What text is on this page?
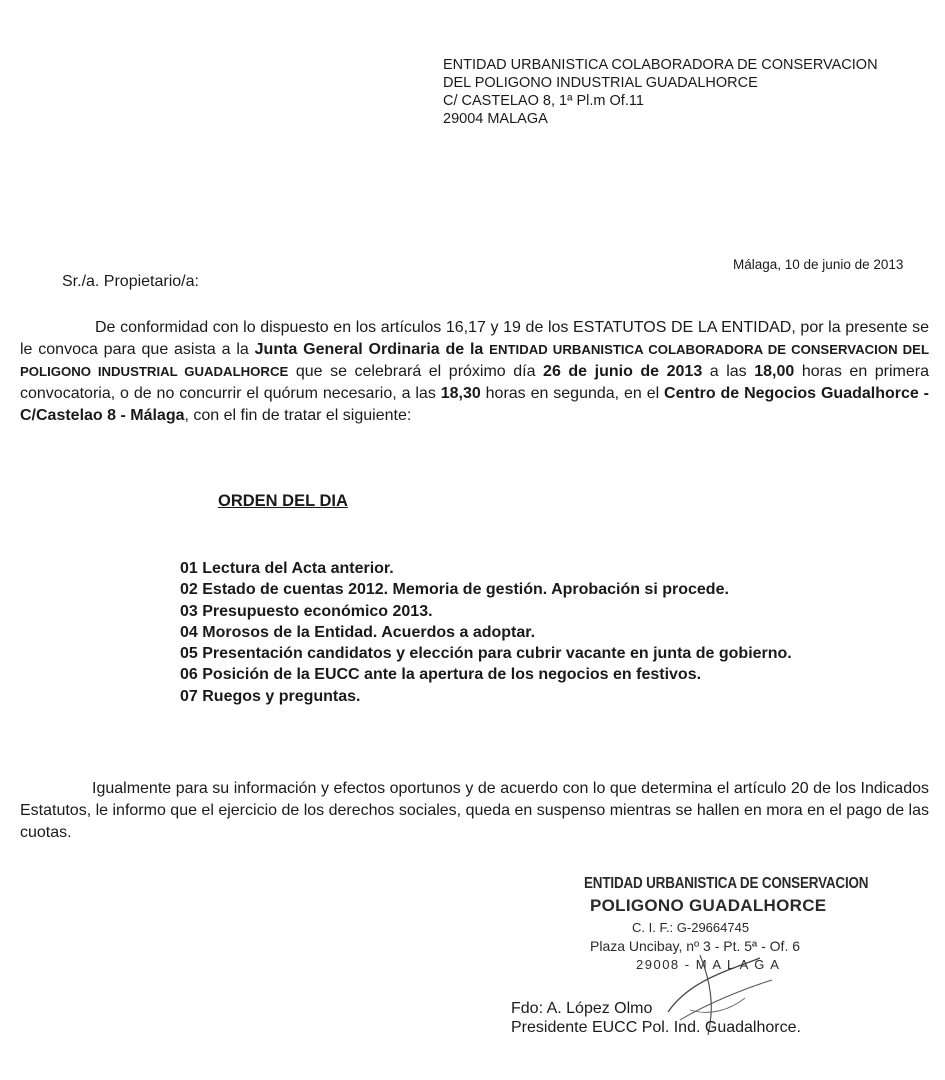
ENTIDAD URBANISTICA COLABORADORA DE CONSERVACION
DEL POLIGONO INDUSTRIAL GUADALHORCE
C/ CASTELAO 8, 1ª Pl.m Of.11
29004 MALAGA
Málaga, 10 de junio de 2013
Sr./a. Propietario/a:
De conformidad con lo dispuesto en los artículos 16,17 y 19 de los ESTATUTOS DE LA ENTIDAD, por la presente se le convoca para que asista a la Junta General Ordinaria de la ENTIDAD URBANISTICA COLABORADORA DE CONSERVACION DEL POLIGONO INDUSTRIAL GUADALHORCE que se celebrará el próximo día 26 de junio de 2013 a las 18,00 horas en primera convocatoria, o de no concurrir el quórum necesario, a las 18,30 horas en segunda, en el Centro de Negocios Guadalhorce - C/Castelao 8 - Málaga, con el fin de tratar el siguiente:
ORDEN DEL DIA
01 Lectura del Acta anterior.
02 Estado de cuentas 2012. Memoria de gestión. Aprobación si procede.
03 Presupuesto económico 2013.
04 Morosos de la Entidad. Acuerdos a adoptar.
05 Presentación candidatos y elección para cubrir vacante en junta de gobierno.
06 Posición de la EUCC ante la apertura de los negocios en festivos.
07 Ruegos y preguntas.
Igualmente para su información y efectos oportunos y de acuerdo con lo que determina el artículo 20 de los Indicados Estatutos, le informo que el ejercicio de los derechos sociales, queda en suspenso mientras se hallen en mora en el pago de las cuotas.
ENTIDAD URBANISTICA DE CONSERVACION
POLIGONO GUADALHORCE
C. I. F.: G-29664745
Plaza Uncibay, nº 3 - Pt. 5ª - Of. 6
29008 - M A L A G A
Fdo: A. López Olmo
Presidente EUCC Pol. Ind. Guadalhorce.
